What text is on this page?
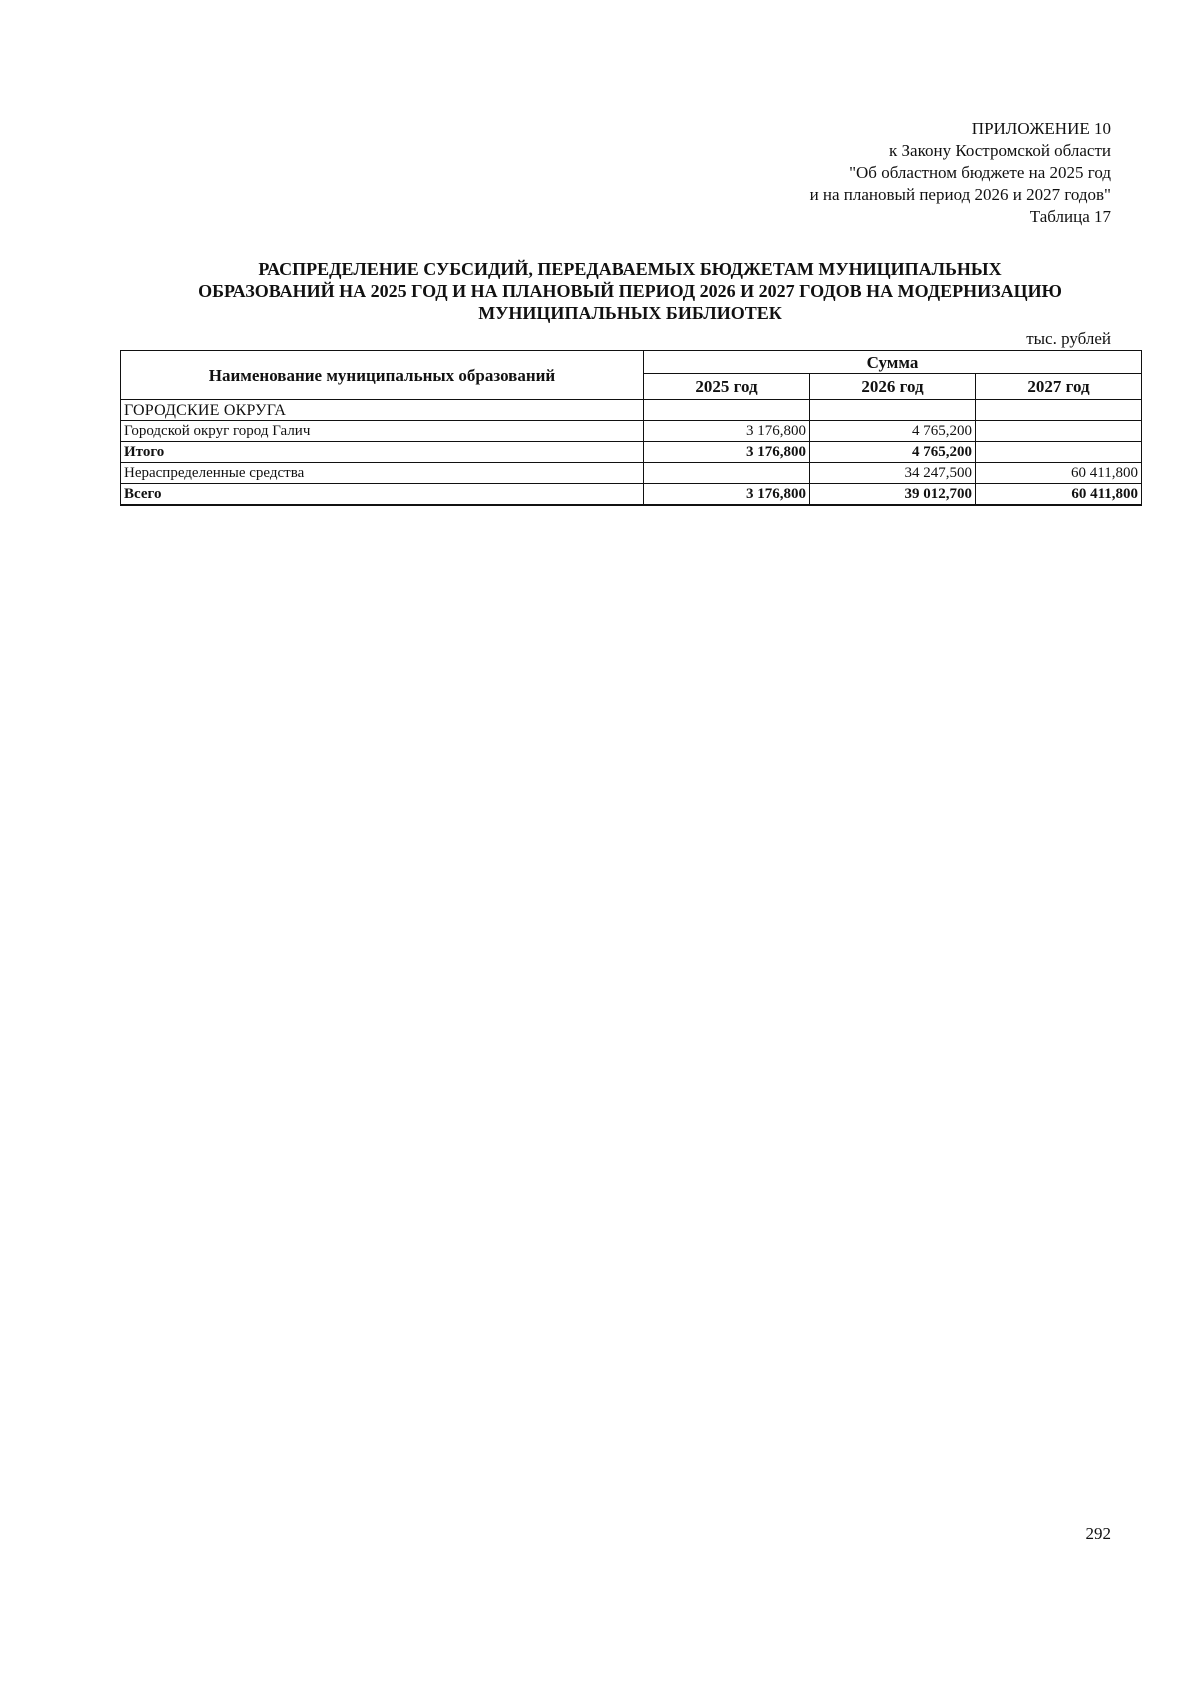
ПРИЛОЖЕНИЕ 10
к Закону Костромской области
"Об областном бюджете на 2025 год
и на плановый период 2026 и 2027 годов"
Таблица 17
РАСПРЕДЕЛЕНИЕ СУБСИДИЙ, ПЕРЕДАВАЕМЫХ БЮДЖЕТАМ МУНИЦИПАЛЬНЫХ
ОБРАЗОВАНИЙ НА 2025 ГОД И НА ПЛАНОВЫЙ ПЕРИОД 2026 И 2027 ГОДОВ НА МОДЕРНИЗАЦИЮ
МУНИЦИПАЛЬНЫХ БИБЛИОТЕК
тыс. рублей
Наименование муниципальных образований	Сумма		
	2025 год	2026 год	2027 год
ГОРОДСКИЕ ОКРУГА			
Городской округ город Галич	3 176,800	4 765,200	
Итого	3 176,800	4 765,200	
Нераспределенные средства		34 247,500	60 411,800
Всего	3 176,800	39 012,700	60 411,800
292
